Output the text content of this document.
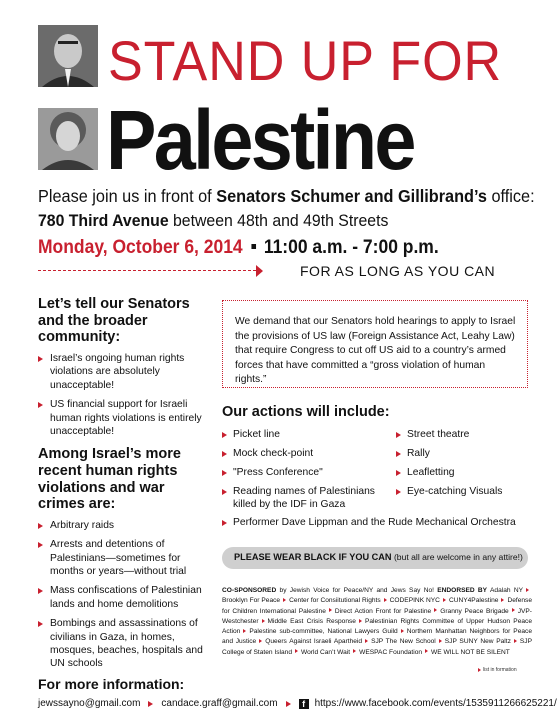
STAND UP FOR
Palestine
Please join us in front of Senators Schumer and Gillibrand’s office:
780 Third Avenue between 48th and 49th Streets
Monday, October 6, 2014 11:00 a.m. - 7:00 p.m.
FOR AS LONG AS YOU CAN
Let’s tell our Senators and the broader community:
Israel’s ongoing human rights violations are absolutely unacceptable!
US financial support for Israeli human rights violations is entirely unacceptable!
Among Israel’s more recent human rights violations and war crimes are:
Arbitrary raids
Arrests and detentions of Palestinians—sometimes for months or years—without trial
Mass confiscations of Palestinian lands and home demolitions
Bombings and assassinations of civilians in Gaza, in homes, mosques, beaches, hospitals and UN schools
We demand that our Senators hold hearings to apply to Israel the provisions of US law (Foreign Assistance Act, Leahy Law) that require Congress to cut off US aid to a country’s armed forces that have committed a “gross violation of human rights.”
Our actions will include:
Picket line
Mock check-point
"Press Conference"
Reading names of Palestinians killed by the IDF in Gaza
Street theatre
Rally
Leafletting
Eye-catching Visuals
Performer Dave Lippman and the Rude Mechanical Orchestra
PLEASE WEAR BLACK IF YOU CAN (but all are welcome in any attire!)
CO-SPONSORED by Jewish Voice for Peace/NY and Jews Say No! ENDORSED BY Adalah NYBrooklyn For Peace Center for Consiitutional Rights CODEPINK NYC CUNY4Palestine Defense for Children International Palestine Direct Action Front for Palestine Granny Peace Brigade JVP-Westchester Middle East Crisis Response Palestinian Rights Committee of Upper Hudson Peace Action Palestine sub-committee, National Lawyers Guild Northern Manhattan Neighbors for Peace and Justice Queers Against Israeli Apartheid SJP The New School SJP SUNY New Paltz SJP College of Staten Island World Can’t Wait WESPAC Foundation WE WILL NOT BE SILENT
list in formation
For more information:
jewssayno@gmail.com candace.graff@gmail.com	f https://www.facebook.com/events/1535911266625221/
